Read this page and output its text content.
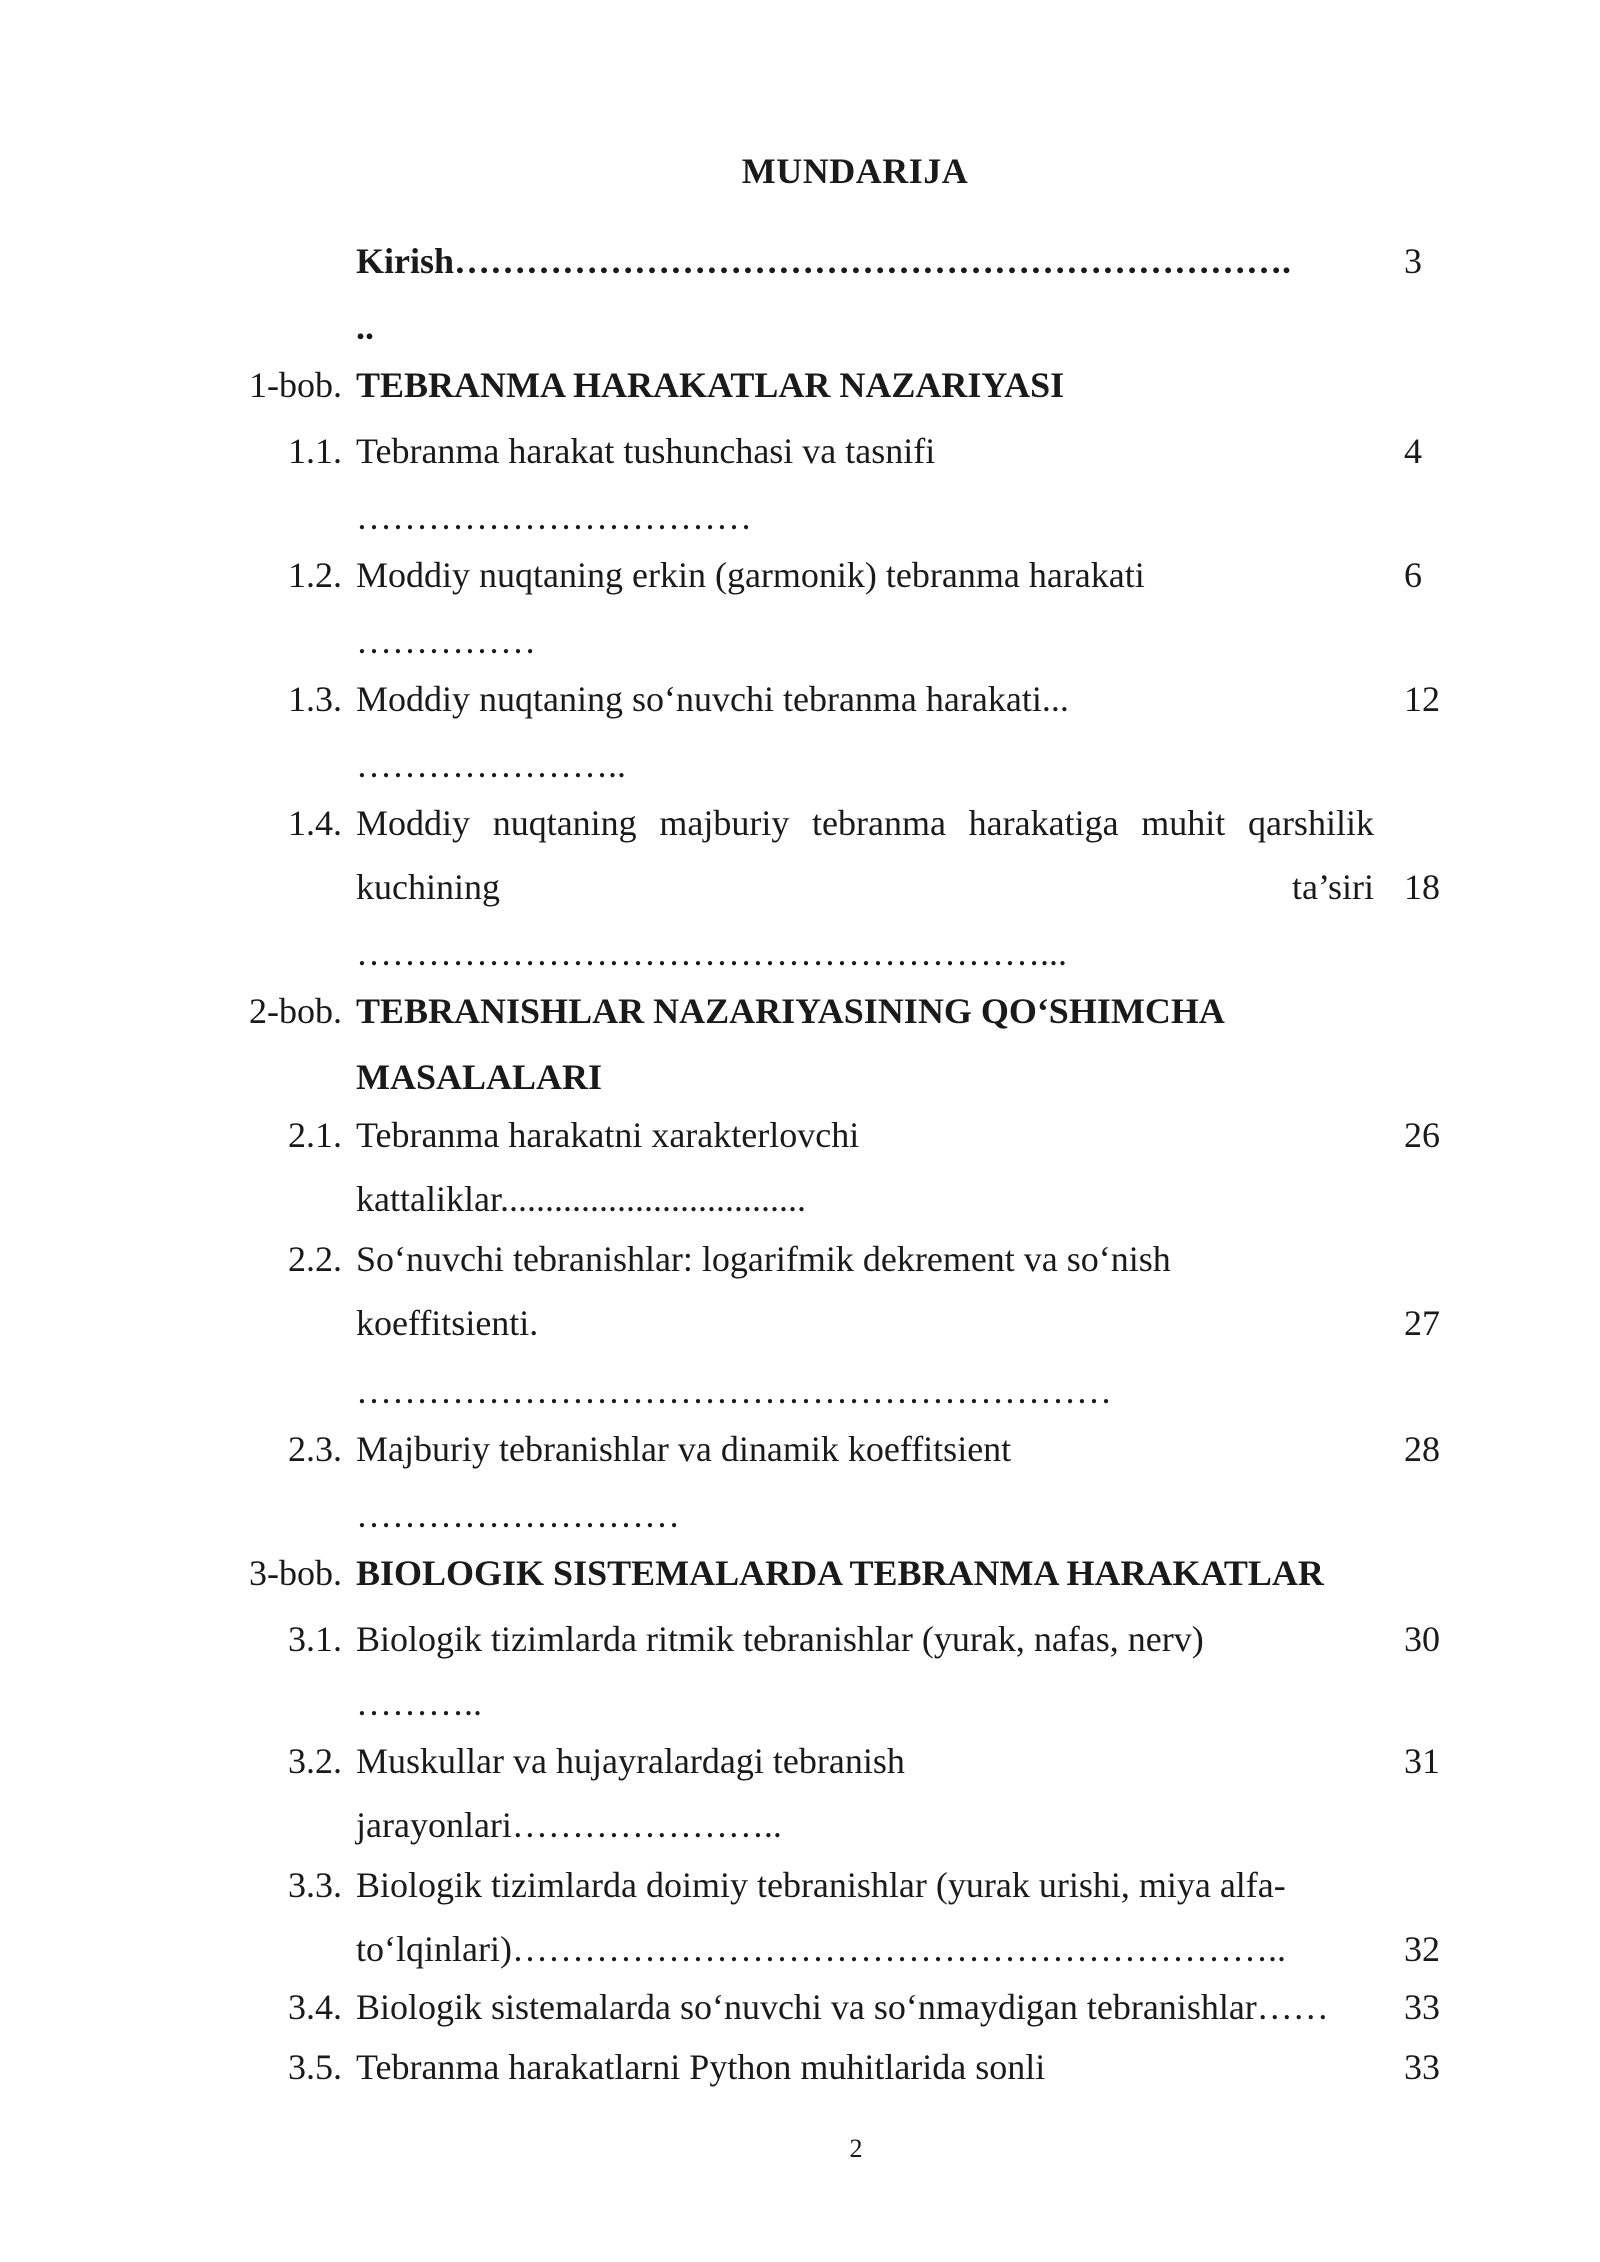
MUNDARIJA
Kirish…………………………………………………………….	3
..
1-bob. TEBRANMA HARAKATLAR NAZARIYASI
1.1. Tebranma harakat tushunchasi va tasnifi	4
……………………………
1.2. Moddiy nuqtaning erkin (garmonik) tebranma harakati	6
……………
1.3. Moddiy nuqtaning so‘nuvchi tebranma harakati...	12
…………………..
1.4. Moddiy nuqtaning majburiy tebranma harakatiga muhit qarshilik
kuchining	ta’siri 18
…………………………………………………...
2-bob. TEBRANISHLAR NAZARIYASINING QO‘SHIMCHA
MASALALARI
2.1. Tebranma harakatni xarakterlovchi	26
kattaliklar..................................
2.2. So‘nuvchi tebranishlar: logarifmik dekrement va so‘nish
koeffitsienti.	27
………………………………………………………
2.3. Majburiy tebranishlar va dinamik koeffitsient	28
………………………
3-bob. BIOLOGIK SISTEMALARDA TEBRANMA HARAKATLAR
3.1. Biologik tizimlarda ritmik tebranishlar (yurak, nafas, nerv)	30
………..
3.2. Muskullar va hujayralardagi tebranish	31
jarayonlari…………………..
3.3. Biologik tizimlarda doimiy tebranishlar (yurak urishi, miya alfa-
to‘lqinlari)………………………………………………………..	32
3.4. Biologik sistemalarda so‘nuvchi va so‘nmaydigan tebranishlar…… 33
3.5. Tebranma harakatlarni Python muhitlarida sonli	33
2
